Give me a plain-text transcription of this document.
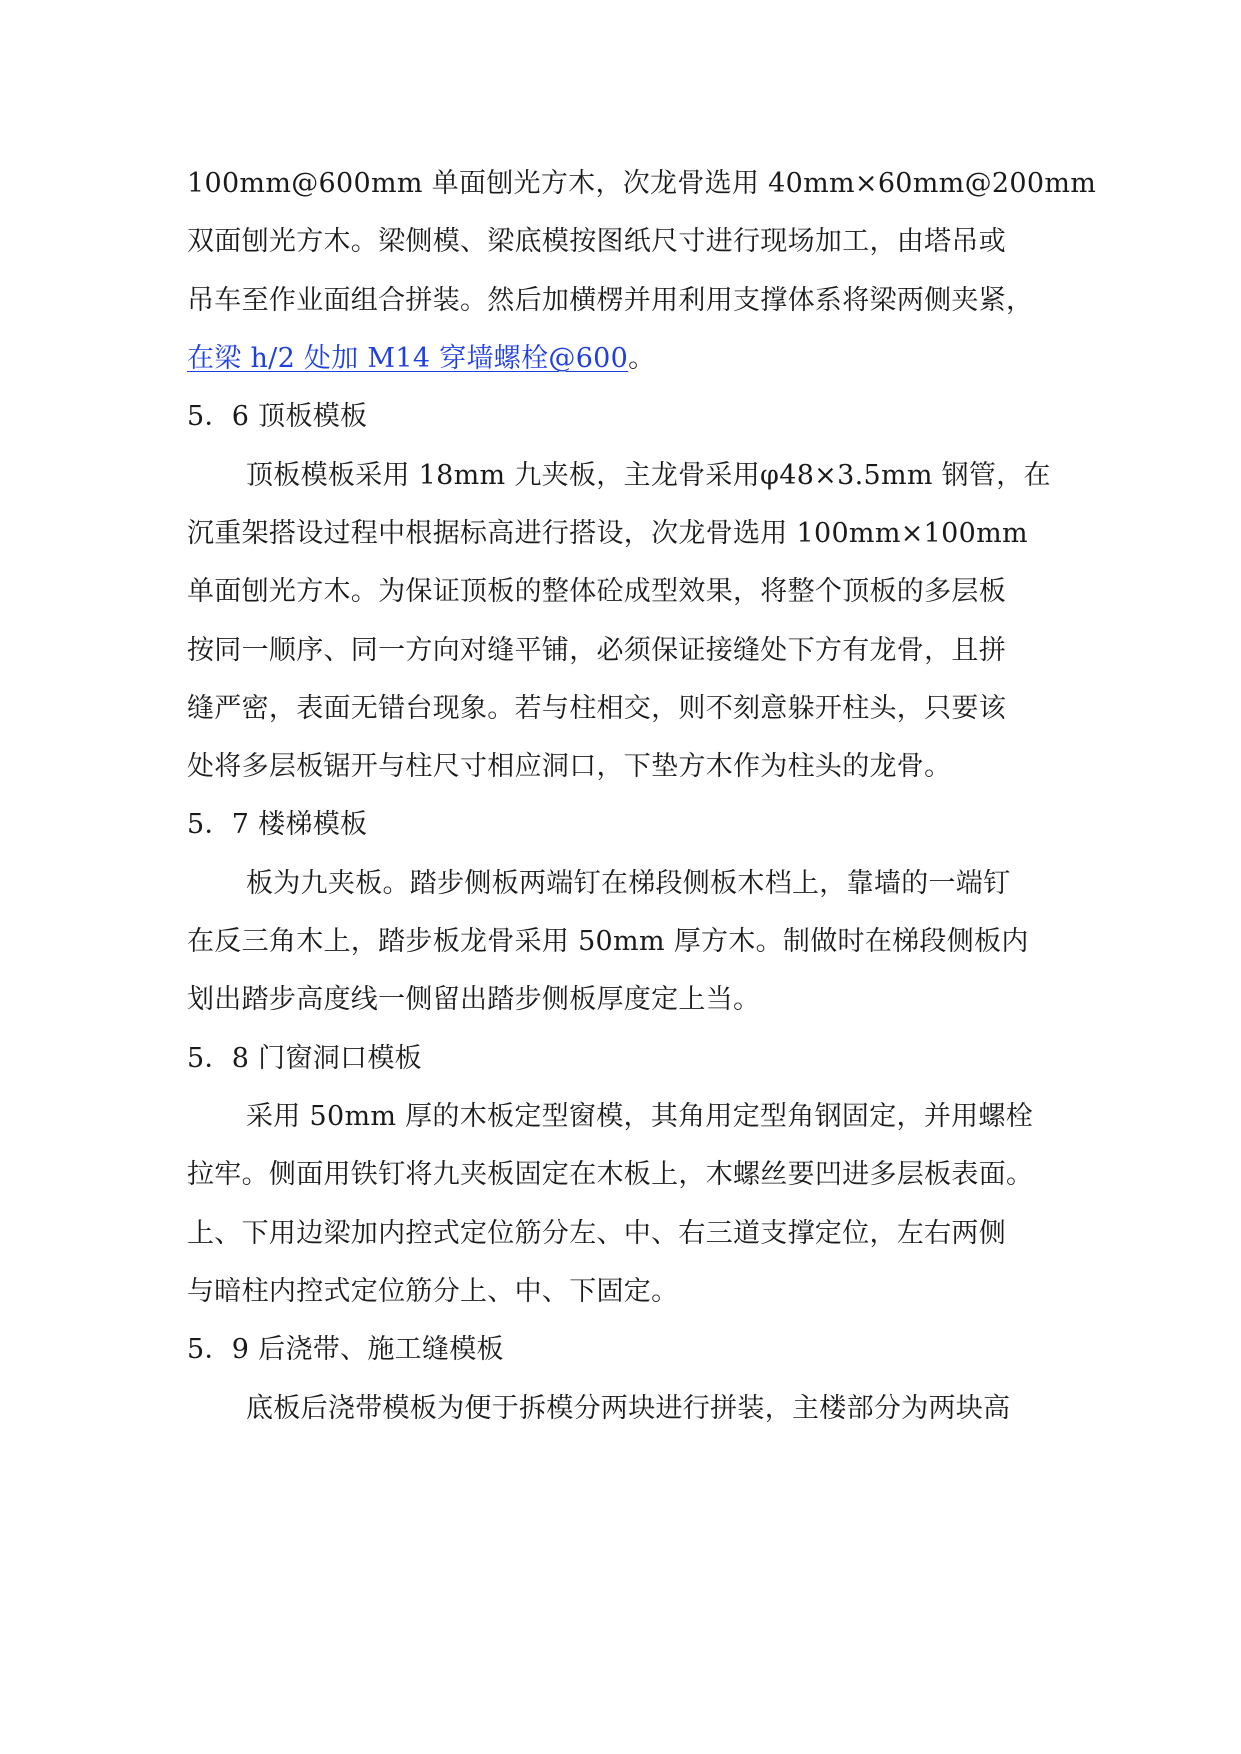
100mm@600mm 单面刨光方木，次龙骨选用 40mm×60mm@200mm
双面刨光方木。梁侧模、梁底模按图纸尺寸进行现场加工，由塔吊或
吊车至作业面组合拼装。然后加横楞并用利用支撑体系将梁两侧夹紧，
在梁 h/2 处加 M14 穿墙螺栓@600。
5．6 顶板模板
顶板模板采用 18mm 九夹板，主龙骨采用φ48×3.5mm 钢管，在
沉重架搭设过程中根据标高进行搭设，次龙骨选用 100mm×100mm
单面刨光方木。为保证顶板的整体砼成型效果，将整个顶板的多层板
按同一顺序、同一方向对缝平铺，必须保证接缝处下方有龙骨，且拼
缝严密，表面无错台现象。若与柱相交，则不刻意躲开柱头，只要该
处将多层板锯开与柱尺寸相应洞口，下垫方木作为柱头的龙骨。
5．7 楼梯模板
板为九夹板。踏步侧板两端钉在梯段侧板木档上，靠墙的一端钉
在反三角木上，踏步板龙骨采用 50mm 厚方木。制做时在梯段侧板内
划出踏步高度线一侧留出踏步侧板厚度定上当。
5．8 门窗洞口模板
采用 50mm 厚的木板定型窗模，其角用定型角钢固定，并用螺栓
拉牢。侧面用铁钉将九夹板固定在木板上，木螺丝要凹进多层板表面。
上、下用边梁加内控式定位筋分左、中、右三道支撑定位，左右两侧
与暗柱内控式定位筋分上、中、下固定。
5．9 后浇带、施工缝模板
底板后浇带模板为便于拆模分两块进行拼装，主楼部分为两块高
